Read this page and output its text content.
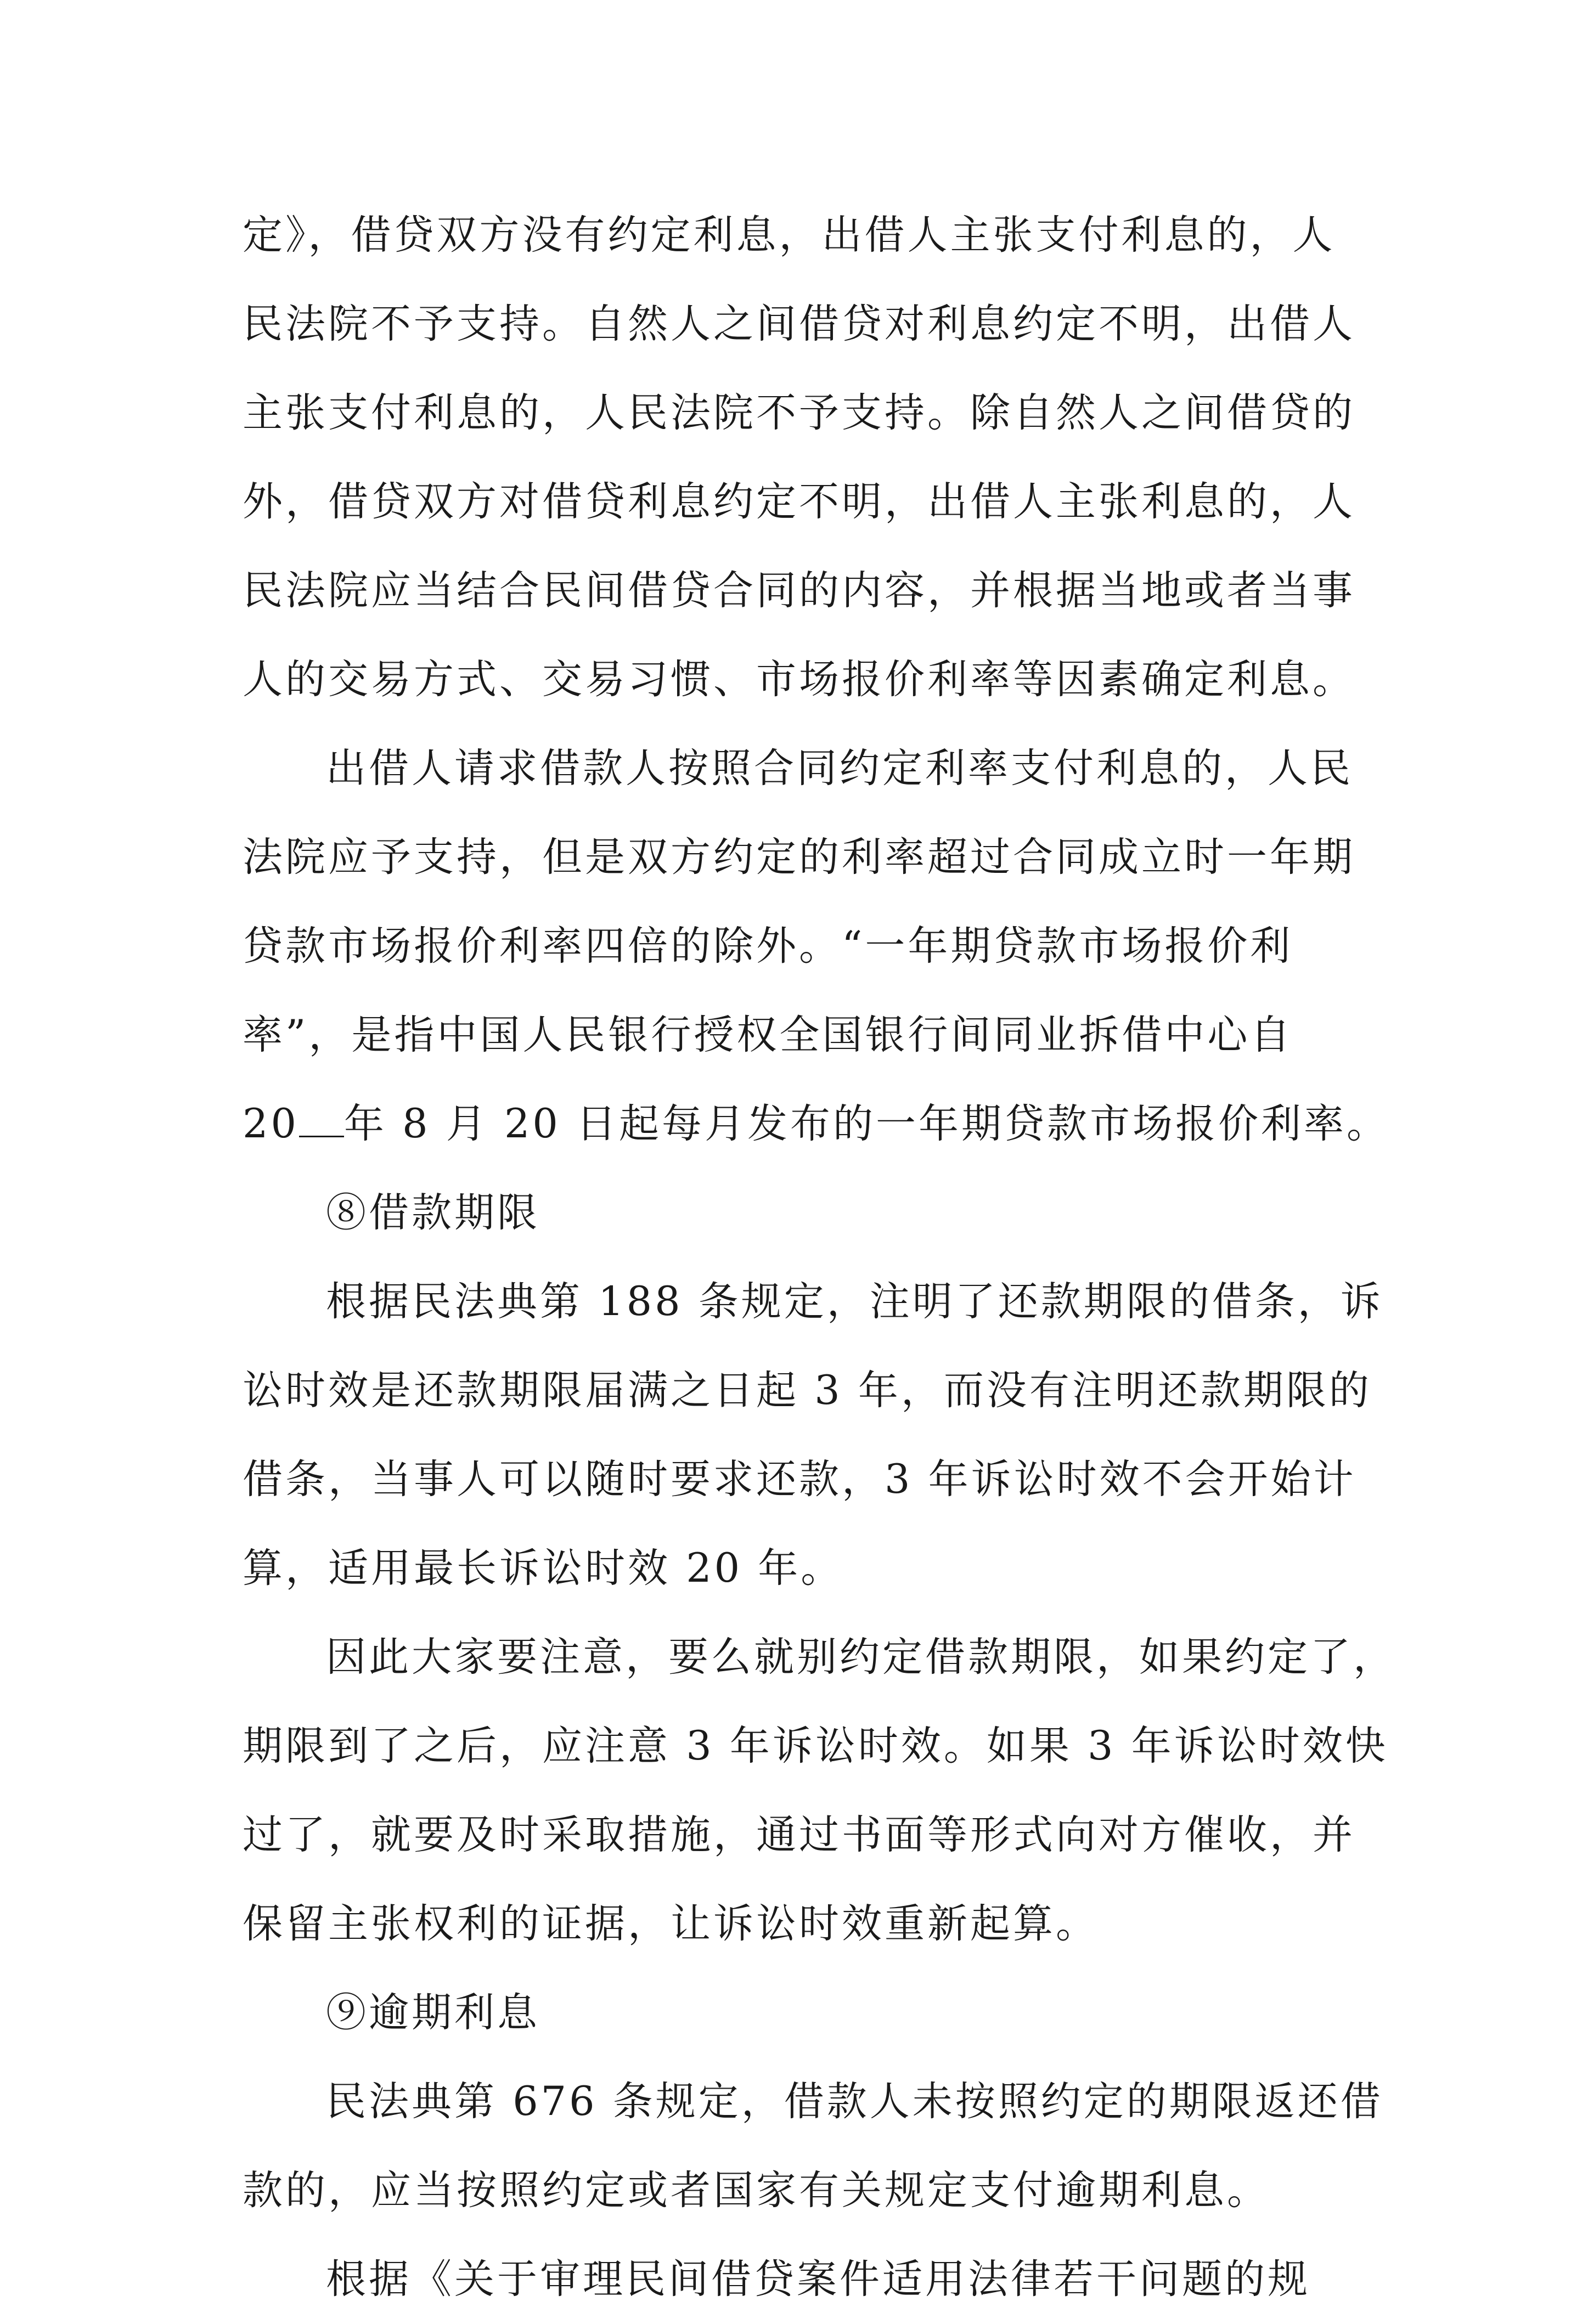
定》，借贷双方没有约定利息，出借人主张支付利息的，人
民法院不予支持。自然人之间借贷对利息约定不明，出借人
主张支付利息的，人民法院不予支持。除自然人之间借贷的
外，借贷双方对借贷利息约定不明，出借人主张利息的，人
民法院应当结合民间借贷合同的内容，并根据当地或者当事
人的交易方式、交易习惯、市场报价利率等因素确定利息。
出借人请求借款人按照合同约定利率支付利息的，人民
法院应予支持，但是双方约定的利率超过合同成立时一年期
贷款市场报价利率四倍的除外。“一年期贷款市场报价利
率”，是指中国人民银行授权全国银行间同业拆借中心自
20 年 8 月 20 日起每月发布的一年期贷款市场报价利率。
⑧借款期限
根据民法典第 188 条规定，注明了还款期限的借条，诉
讼时效是还款期限届满之日起 3 年，而没有注明还款期限的
借条，当事人可以随时要求还款，3 年诉讼时效不会开始计
算，适用最长诉讼时效 20 年。
因此大家要注意，要么就别约定借款期限，如果约定了，
期限到了之后，应注意 3 年诉讼时效。如果 3 年诉讼时效快
过了，就要及时采取措施，通过书面等形式向对方催收，并
保留主张权利的证据，让诉讼时效重新起算。
⑨逾期利息
民法典第 676 条规定，借款人未按照约定的期限返还借
款的，应当按照约定或者国家有关规定支付逾期利息。
根据《关于审理民间借贷案件适用法律若干问题的规
